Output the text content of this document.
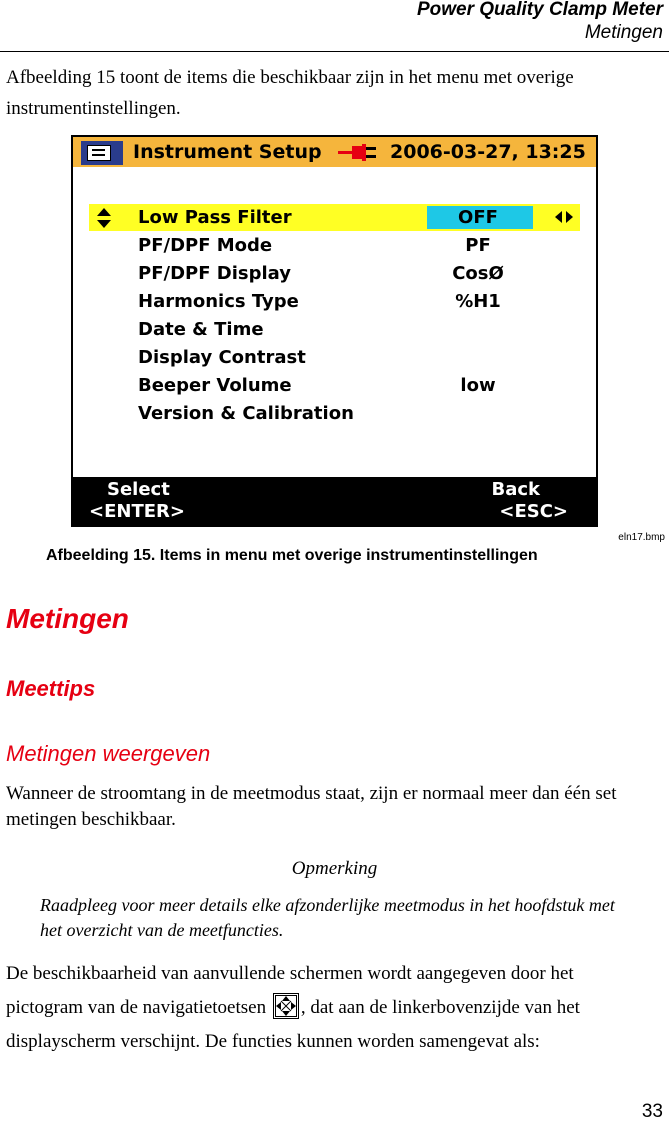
Power Quality Clamp Meter
Metingen
Afbeelding 15 toont de items die beschikbaar zijn in het menu met overige instrumentinstellingen.
Instrument Setup	2006-03-27, 13:25
Low Pass Filter	OFF
PF/DPF Mode	PF
PF/DPF Display	CosØ
Harmonics Type	%H1
Date & Time
Display Contrast
Beeper Volume	low
Version & Calibration
Select
<ENTER>
Back
<ESC>
eln17.bmp
Afbeelding 15. Items in menu met overige instrumentinstellingen
Metingen
Meettips
Metingen weergeven
Wanneer de stroomtang in de meetmodus staat, zijn er normaal meer dan één set metingen beschikbaar.
Opmerking
Raadpleeg voor meer details elke afzonderlijke meetmodus in het hoofdstuk met het overzicht van de meetfuncties.
De beschikbaarheid van aanvullende schermen wordt aangegeven door het pictogram van de navigatietoetsen , dat aan de linkerbovenzijde van het displayscherm verschijnt. De functies kunnen worden samengevat als:
33
